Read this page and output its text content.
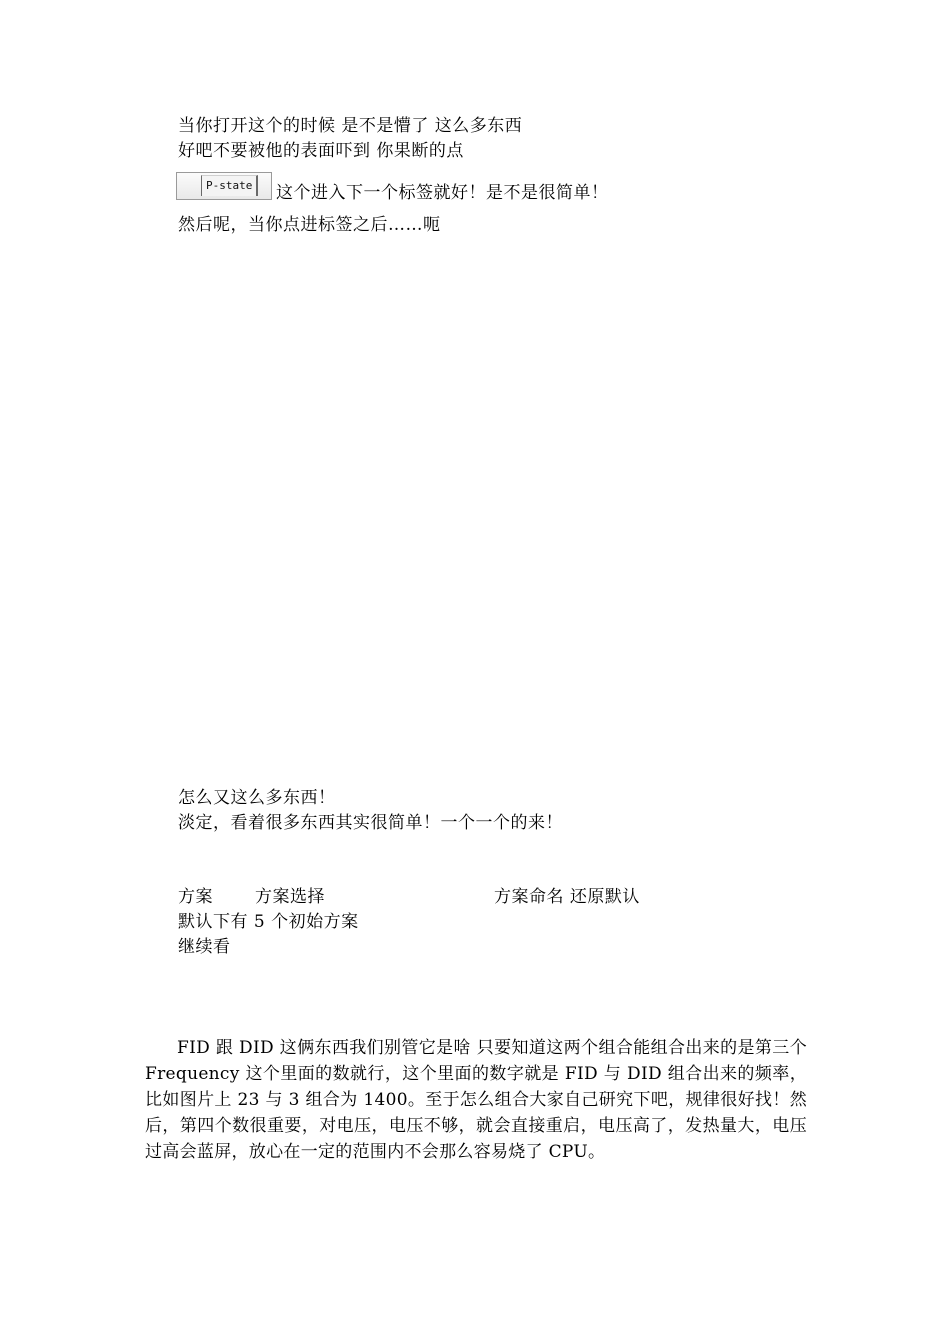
当你打开这个的时候 是不是懵了 这么多东西
好吧不要被他的表面吓到 你果断的点
P-state	这个进入下一个标签就好！是不是很简单！
然后呢，当你点进标签之后……呃
怎么又这么多东西！
淡定，看着很多东西其实很简单！一个一个的来！
方案 方案选择	方案命名 还原默认
默认下有 5 个初始方案
继续看
FID 跟 DID 这俩东西我们别管它是啥 只要知道这两个组合能组合出来的是第三个 Frequency 这个里面的数就行，这个里面的数字就是 FID 与 DID 组合出来的频率，比如图片上 23 与 3 组合为 1400。至于怎么组合大家自己研究下吧，规律很好找！然后，第四个数很重要，对电压，电压不够，就会直接重启，电压高了，发热量大，电压过高会蓝屏，放心在一定的范围内不会那么容易烧了 CPU。
